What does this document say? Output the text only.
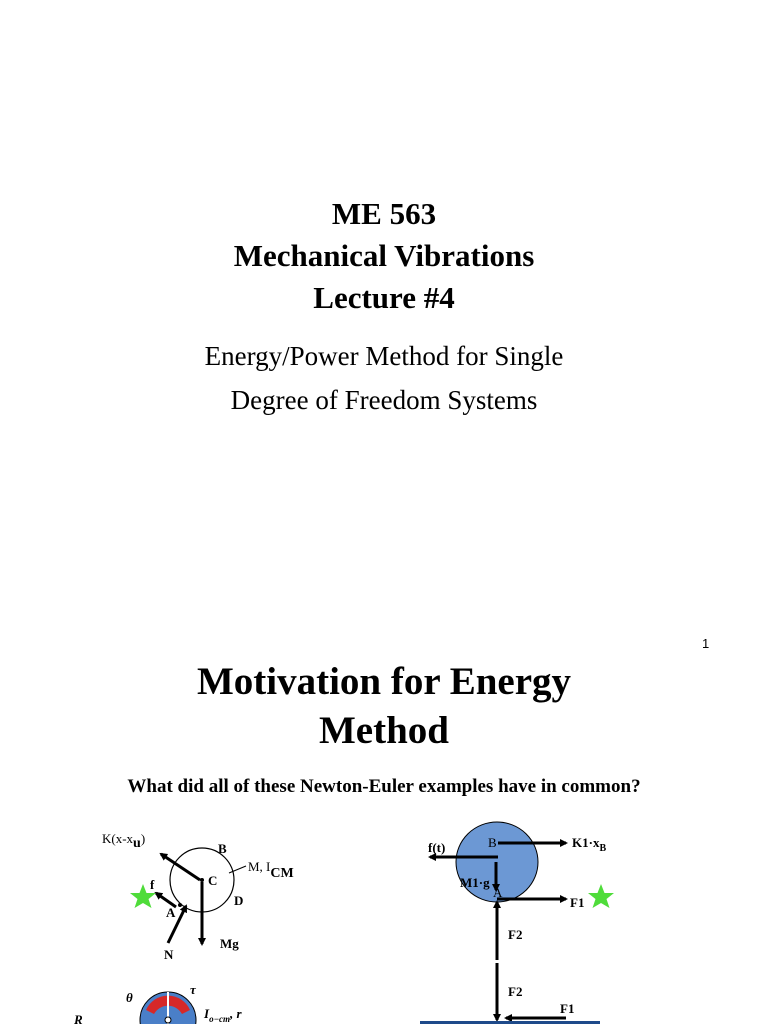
ME 563
Mechanical Vibrations
Lecture #4
Energy/Power Method for Single
Degree of Freedom Systems
1
Motivation for Energy
Method
What did all of these Newton-Euler examples have in common?
K(x-xu)
B
C
M, ICM
D
A
f
N
Mg
θ
τ
$I_{o-cm}$, r
R
f(t)	B	$K1\cdot x_B$
M1·g
A
F1
F2
F2
F1
